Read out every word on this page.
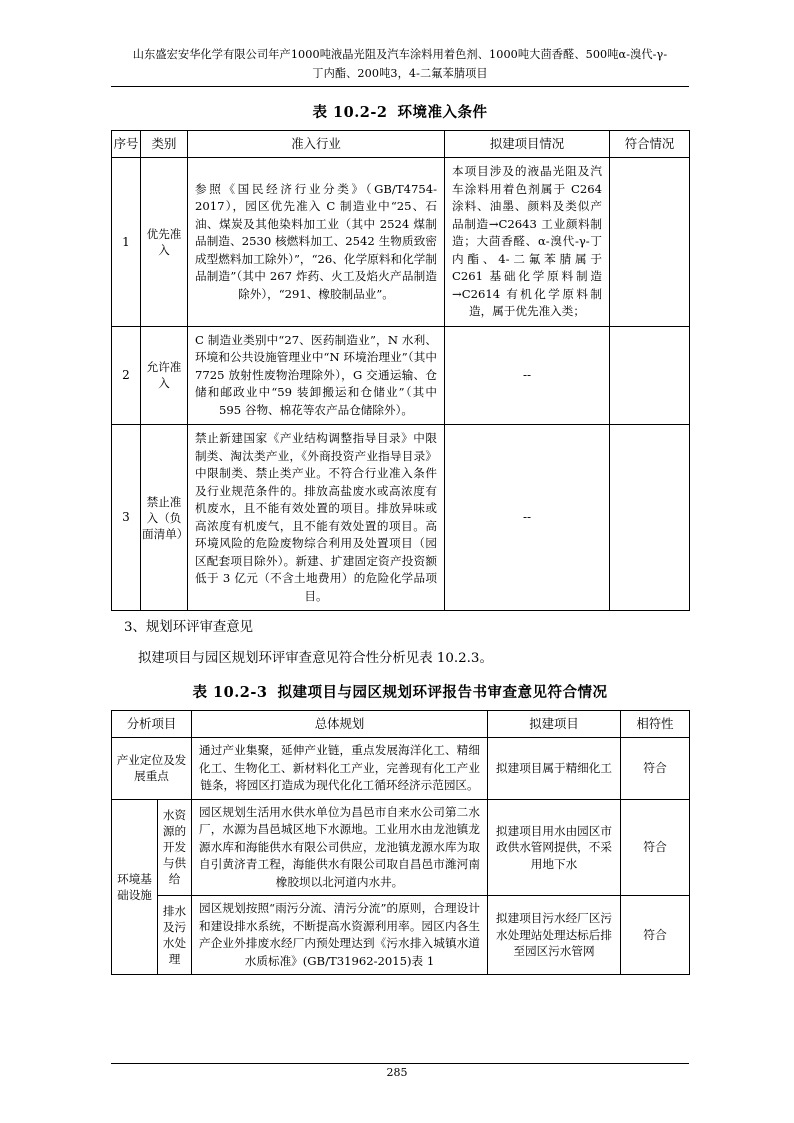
山东盛宏安华化学有限公司年产1000吨液晶光阻及汽车涂料用着色剂、1000吨大茴香醛、500吨α-溴代-γ-
丁内酯、200吨3，4-二氟苯腈项目
表 10.2-2 环境准入条件
序号	类别	准入行业	拟建项目情况	符合情况
1	优先准入	参照《国民经济行业分类》（GB/T4754-2017），园区优先准入 C 制造业中“25、石油、煤炭及其他染料加工业（其中 2524 煤制品制造、2530 核燃料加工、2542 生物质致密成型燃料加工除外）”，“26、化学原料和化学制品制造”（其中 267 炸药、火工及焰火产品制造除外），“291、橡胶制品业”。	本项目涉及的液晶光阻及汽车涂料用着色剂属于 C264 涂料、油墨、颜料及类似产品制造→C2643 工业颜料制造；大茴香醛、α-溴代-γ-丁内酯、4-二氟苯腈属于 C261 基础化学原料制造→C2614 有机化学原料制造，属于优先准入类；	
2	允许准入	C 制造业类别中“27、医药制造业”，N 水利、环境和公共设施管理业中“N 环境治理业”（其中 7725 放射性废物治理除外），G 交通运输、仓储和邮政业中“59 装卸搬运和仓储业”（其中 595 谷物、棉花等农产品仓储除外）。	--	
3	禁止准入（负面清单）	禁止新建国家《产业结构调整指导目录》中限制类、淘汰类产业，《外商投资产业指导目录》中限制类、禁止类产业。不符合行业准入条件及行业规范条件的。排放高盐废水或高浓度有机废水，且不能有效处置的项目。排放异味或高浓度有机废气，且不能有效处置的项目。高环境风险的危险废物综合利用及处置项目（园区配套项目除外）。新建、扩建固定资产投资额低于 3 亿元（不含土地费用）的危险化学品项目。	--	
3、规划环评审查意见
拟建项目与园区规划环评审查意见符合性分析见表 10.2.3。
表 10.2-3 拟建项目与园区规划环评报告书审查意见符合情况
分析项目		总体规划	拟建项目	相符性
产业定位及发展重点		通过产业集聚，延伸产业链，重点发展海洋化工、精细化工、生物化工、新材料化工产业，完善现有化工产业链条，将园区打造成为现代化化工循环经济示范园区。	拟建项目属于精细化工	符合
环境基础设施	水资源的开发与供给	园区规划生活用水供水单位为昌邑市自来水公司第二水厂，水源为昌邑城区地下水源地。工业用水由龙池镇龙源水库和海能供水有限公司供应，龙池镇龙源水库为取自引黄济青工程，海能供水有限公司取自昌邑市潍河南橡胶坝以北河道内水井。	拟建项目用水由园区市政供水管网提供，不采用地下水	符合
	排水及污水处理	园区规划按照“雨污分流、清污分流”的原则，合理设计和建设排水系统，不断提高水资源利用率。园区内各生产企业外排废水经厂内预处理达到《污水排入城镇水道水质标准》(GB/T31962-2015)表 1	拟建项目污水经厂区污水处理站处理达标后排至园区污水管网	符合
285
